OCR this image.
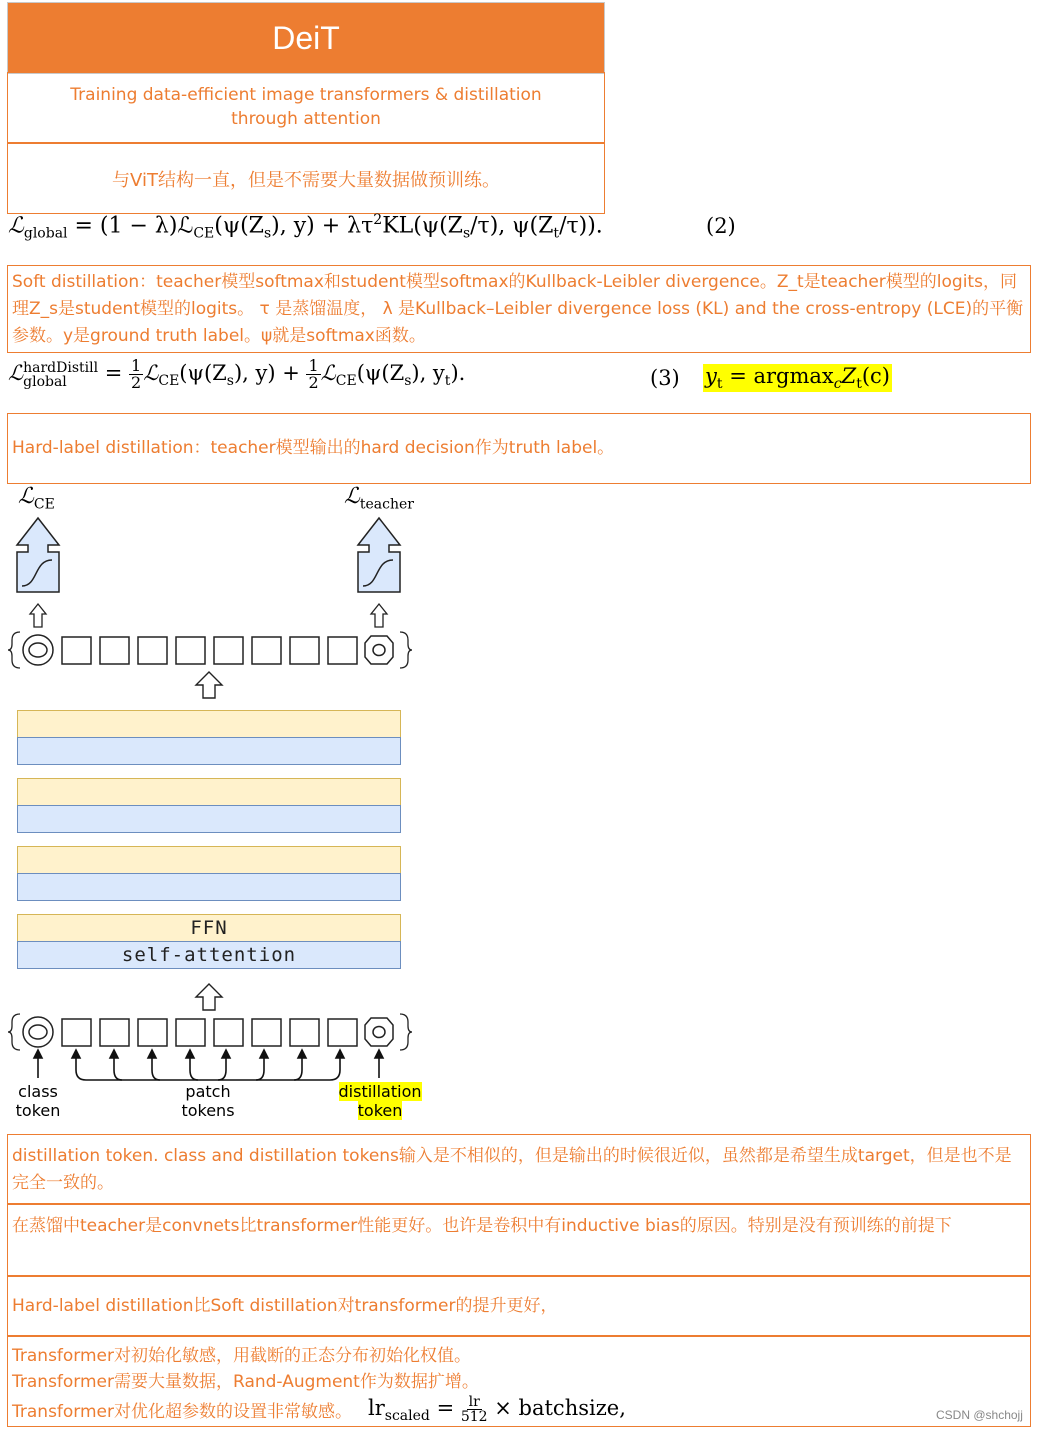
DeiT
Training data-efficient image transformers & distillation through attention
与ViT结构一直，但是不需要大量数据做预训练。
ℒ$_{global}$ = $(1 - \lambda)ℒ_{CE}(\psi(Z_s)$, $y) + \lambda\tau^2KL(\psi(Z_s/\tau)$, $\psi(Z_t/\tau)$).	(2)
Soft distillation：teacher模型softmax和student模型softmax的Kullback-Leibler divergence。Z_t是teacher模型的logits，同理Z_s是student模型的logits。 τ 是蒸馏温度， λ 是Kullback–Leibler divergence loss (KL) and the cross-entropy (LCE)的平衡参数。y是ground truth label。ψ就是softmax函数。
ℒ hardDistill
global	= $\frac{1}{2}$ $ℒ_{CE}(\psi(Z_s)$, $y) + \frac{1}{2}$ $ℒ_{CE}(\psi(Z_s)$, $y_t$).	(3) $y_t = argmax_cZ_t(c)$
Hard-label distillation：teacher模型输出的hard decision作为truth label。
ℒ$_{CE}$	ℒ$_{teacher}$
FFN
self-attention
class
token
patch
tokens
distillation
token
distillation token. class and distillation tokens输入是不相似的，但是输出的时候很近似，虽然都是希望生成target，但是也不是完全一致的。
在蒸馏中teacher是convnets比transformer性能更好。也许是卷积中有inductive bias的原因。特别是没有预训练的前提下
Hard-label distillation比Soft distillation对transformer的提升更好，
Transformer对初始化敏感，用截断的正态分布初始化权值。
Transformer需要大量数据，Rand-Augment作为数据扩增。
Transformer对优化超参数的设置非常敏感。 $lr_{scaled} = \frac{lr}{512}$ × batchsize,	CSDN @shchojj
